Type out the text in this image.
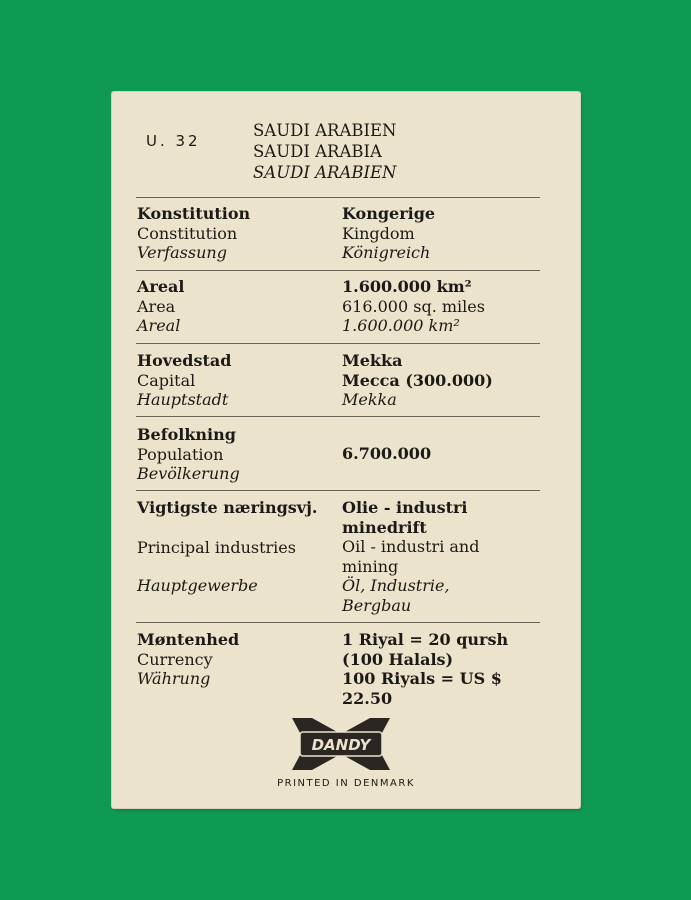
U. 32
SAUDI ARABIEN
SAUDI ARABIA
SAUDI ARABIEN
Konstitution
Constitution
Verfassung
Kongerige
Kingdom
Königreich
Areal
Area
Areal
1.600.000 km²
616.000 sq. miles
1.600.000 km²
Hovedstad
Capital
Hauptstadt
Mekka
Mecca (300.000)
Mekka
Befolkning
Population
Bevölkerung
6.700.000
Vigtigste næringsvj.
Principal industries
Hauptgewerbe
Olie - industri
minedrift
Oil - industri and
mining
Öl, Industrie,
Bergbau
Møntenhed
Currency
Währung
1 Riyal = 20 qursh
(100 Halals)
100 Riyals = US $
22.50
DANDY
PRINTED IN DENMARK
